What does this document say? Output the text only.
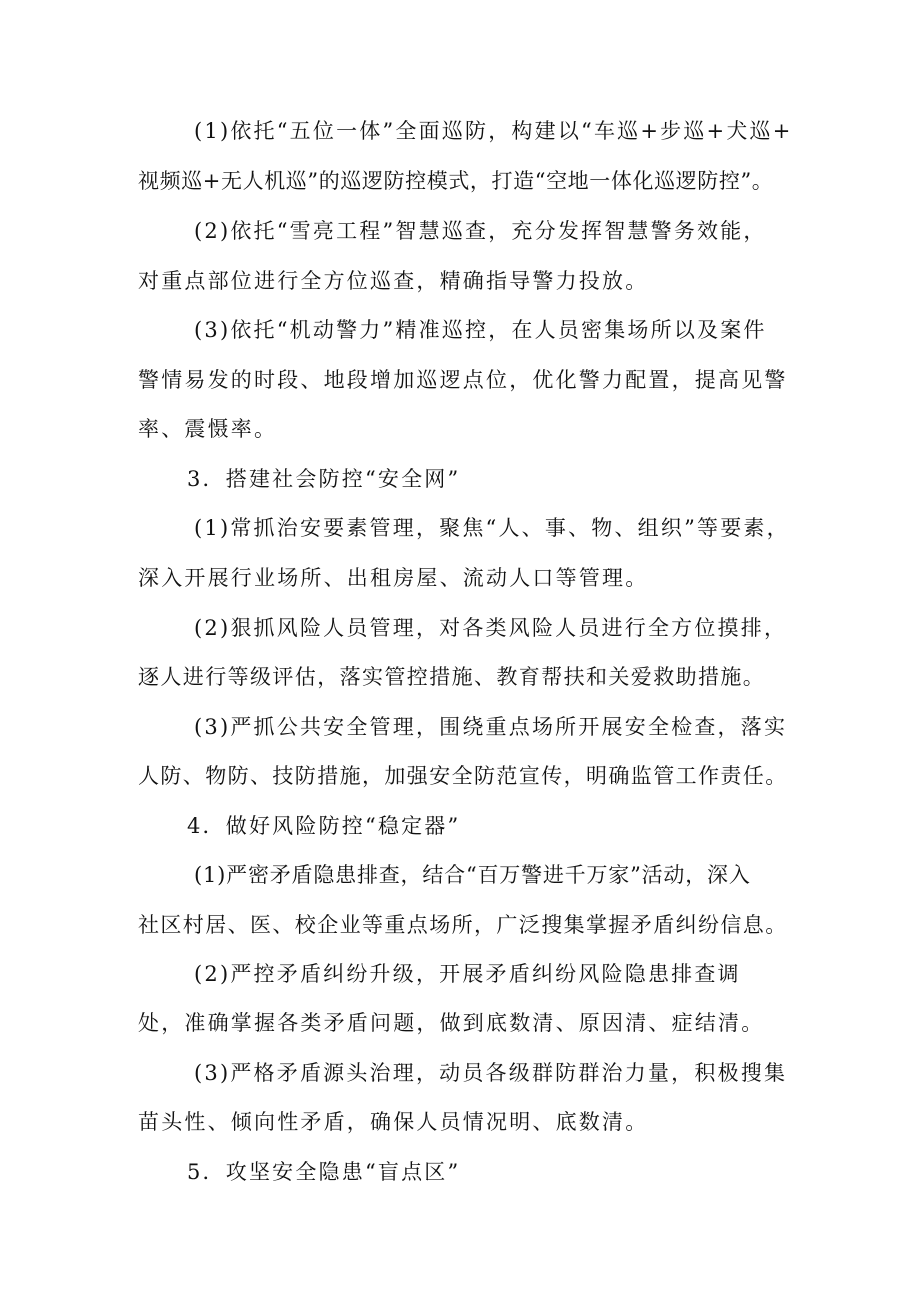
(1)依托“五位一体”全面巡防，构建以“车巡+步巡+犬巡+
视频巡+无人机巡”的巡逻防控模式，打造“空地一体化巡逻防控”。
(2)依托“雪亮工程”智慧巡查，充分发挥智慧警务效能，
对重点部位进行全方位巡查，精确指导警力投放。
(3)依托“机动警力”精准巡控，在人员密集场所以及案件
警情易发的时段、地段增加巡逻点位，优化警力配置，提高见警
率、震慑率。
3．搭建社会防控“安全网”
(1)常抓治安要素管理，聚焦“人、事、物、组织”等要素，
深入开展行业场所、出租房屋、流动人口等管理。
(2)狠抓风险人员管理，对各类风险人员进行全方位摸排，
逐人进行等级评估，落实管控措施、教育帮扶和关爱救助措施。
(3)严抓公共安全管理，围绕重点场所开展安全检查，落实
人防、物防、技防措施，加强安全防范宣传，明确监管工作责任。
4．做好风险防控“稳定器”
(1)严密矛盾隐患排查，结合“百万警进千万家”活动，深入
社区村居、医、校企业等重点场所，广泛搜集掌握矛盾纠纷信息。
(2)严控矛盾纠纷升级，开展矛盾纠纷风险隐患排查调
处，准确掌握各类矛盾问题，做到底数清、原因清、症结清。
(3)严格矛盾源头治理，动员各级群防群治力量，积极搜集
苗头性、倾向性矛盾，确保人员情况明、底数清。
5．攻坚安全隐患“盲点区”
